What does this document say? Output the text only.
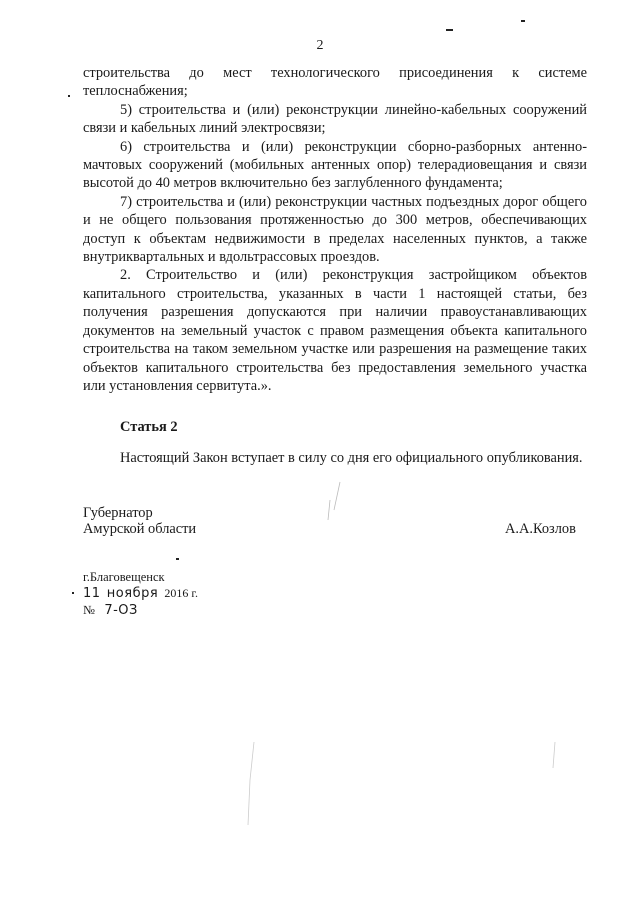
2

строительства до мест технологического присоединения к системе теплоснабжения;

5) строительства и (или) реконструкции линейно-кабельных сооружений связи и кабельных линий электросвязи;

6) строительства и (или) реконструкции сборно-разборных антенно-мачтовых сооружений (мобильных антенных опор) телерадиовещания и связи высотой до 40 метров включительно без заглубленного фундамента;

7) строительства и (или) реконструкции частных подъездных дорог общего и не общего пользования протяженностью до 300 метров, обеспечивающих доступ к объектам недвижимости в пределах населенных пунктов, а также внутриквартальных и вдольтрассовых проездов.

2. Строительство и (или) реконструкция застройщиком объектов капитального строительства, указанных в части 1 настоящей статьи, без получения разрешения допускаются при наличии правоустанавливающих документов на земельный участок с правом размещения объекта капитального строительства на таком земельном участке или разрешения на размещение таких объектов капитального строительства без предоставления земельного участка или установления сервитута.».

Статья 2

Настоящий Закон вступает в силу со дня его официального опубликования.

Губернатор
Амурской области	А.А.Козлов
г.Благовещенск
11 ноября 2016 г.
№ 7-ОЗ
